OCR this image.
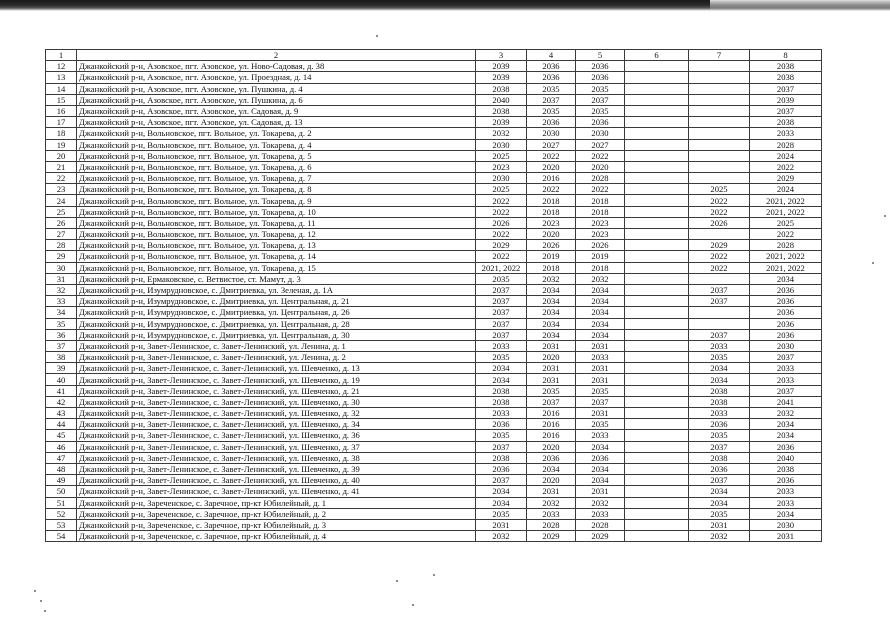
1	2	3	4	5	6	7	8
12	Джанкойский р-н, Азовское, пгт. Азовское, ул. Ново-Садовая, д. 38	2039	2036	2036			2038
13	Джанкойский р-н, Азовское, пгт. Азовское, ул. Проездная, д. 14	2039	2036	2036			2038
14	Джанкойский р-н, Азовское, пгт. Азовское, ул. Пушкина, д. 4	2038	2035	2035			2037
15	Джанкойский р-н, Азовское, пгт. Азовское, ул. Пушкина, д. 6	2040	2037	2037			2039
16	Джанкойский р-н, Азовское, пгт. Азовское, ул. Садовая, д. 9	2038	2035	2035			2037
17	Джанкойский р-н, Азовское, пгт. Азовское, ул. Садовая, д. 13	2039	2036	2036			2038
18	Джанкойский р-н, Вольновское, пгт. Вольное, ул. Токарева, д. 2	2032	2030	2030			2033
19	Джанкойский р-н, Вольновское, пгт. Вольное, ул. Токарева, д. 4	2030	2027	2027			2028
20	Джанкойский р-н, Вольновское, пгт. Вольное, ул. Токарева, д. 5	2025	2022	2022			2024
21	Джанкойский р-н, Вольновское, пгт. Вольное, ул. Токарева, д. 6	2023	2020	2020			2022
22	Джанкойский р-н, Вольновское, пгт. Вольное, ул. Токарева, д. 7	2030	2016	2028			2029
23	Джанкойский р-н, Вольновское, пгт. Вольное, ул. Токарева, д. 8	2025	2022	2022		2025	2024
24	Джанкойский р-н, Вольновское, пгт. Вольное, ул. Токарева, д. 9	2022	2018	2018		2022	2021, 2022
25	Джанкойский р-н, Вольновское, пгт. Вольное, ул. Токарева, д. 10	2022	2018	2018		2022	2021, 2022
26	Джанкойский р-н, Вольновское, пгт. Вольное, ул. Токарева, д. 11	2026	2023	2023		2026	2025
27	Джанкойский р-н, Вольновское, пгт. Вольное, ул. Токарева, д. 12	2022	2020	2023			2022
28	Джанкойский р-н, Вольновское, пгт. Вольное, ул. Токарева, д. 13	2029	2026	2026		2029	2028
29	Джанкойский р-н, Вольновское, пгт. Вольное, ул. Токарева, д. 14	2022	2019	2019		2022	2021, 2022
30	Джанкойский р-н, Вольновское, пгт. Вольное, ул. Токарева, д. 15	2021, 2022	2018	2018		2022	2021, 2022
31	Джанкойский р-н, Ермаковское, с. Ветвистое, ст. Мамут, д. 3	2035	2032	2032			2034
32	Джанкойский р-н, Изумрудновское, с. Дмитриевка, ул. Зеленая, д. 1А	2037	2034	2034		2037	2036
33	Джанкойский р-н, Изумрудновское, с. Дмитриевка, ул. Центральная, д. 21	2037	2034	2034		2037	2036
34	Джанкойский р-н, Изумрудновское, с. Дмитриевка, ул. Центральная, д. 26	2037	2034	2034			2036
35	Джанкойский р-н, Изумрудновское, с. Дмитриевка, ул. Центральная, д. 28	2037	2034	2034			2036
36	Джанкойский р-н, Изумрудновское, с. Дмитриевка, ул. Центральная, д. 30	2037	2034	2034		2037	2036
37	Джанкойский р-н, Завет-Ленинское, с. Завет-Ленинский, ул. Ленина, д. 1	2033	2031	2031		2033	2030
38	Джанкойский р-н, Завет-Ленинское, с. Завет-Ленинский, ул. Ленина, д. 2	2035	2020	2033		2035	2037
39	Джанкойский р-н, Завет-Ленинское, с. Завет-Ленинский, ул. Шевченко, д. 13	2034	2031	2031		2034	2033
40	Джанкойский р-н, Завет-Ленинское, с. Завет-Ленинский, ул. Шевченко, д. 19	2034	2031	2031		2034	2033
41	Джанкойский р-н, Завет-Ленинское, с. Завет-Ленинский, ул. Шевченко, д. 21	2038	2035	2035		2038	2037
42	Джанкойский р-н, Завет-Ленинское, с. Завет-Ленинский, ул. Шевченко, д. 30	2038	2037	2037		2038	2041
43	Джанкойский р-н, Завет-Ленинское, с. Завет-Ленинский, ул. Шевченко, д. 32	2033	2016	2031		2033	2032
44	Джанкойский р-н, Завет-Ленинское, с. Завет-Ленинский, ул. Шевченко, д. 34	2036	2016	2035		2036	2034
45	Джанкойский р-н, Завет-Ленинское, с. Завет-Ленинский, ул. Шевченко, д. 36	2035	2016	2033		2035	2034
46	Джанкойский р-н, Завет-Ленинское, с. Завет-Ленинский, ул. Шевченко, д. 37	2037	2020	2034		2037	2036
47	Джанкойский р-н, Завет-Ленинское, с. Завет-Ленинский, ул. Шевченко, д. 38	2038	2036	2036		2038	2040
48	Джанкойский р-н, Завет-Ленинское, с. Завет-Ленинский, ул. Шевченко, д. 39	2036	2034	2034		2036	2038
49	Джанкойский р-н, Завет-Ленинское, с. Завет-Ленинский, ул. Шевченко, д. 40	2037	2020	2034		2037	2036
50	Джанкойский р-н, Завет-Ленинское, с. Завет-Ленинский, ул. Шевченко, д. 41	2034	2031	2031		2034	2033
51	Джанкойский р-н, Зареченское, с. Заречное, пр-кт Юбилейный, д. 1	2034	2032	2032		2034	2033
52	Джанкойский р-н, Зареченское, с. Заречное, пр-кт Юбилейный, д. 2	2035	2033	2033		2035	2034
53	Джанкойский р-н, Зареченское, с. Заречное, пр-кт Юбилейный, д. 3	2031	2028	2028		2031	2030
54	Джанкойский р-н, Зареченское, с. Заречное, пр-кт Юбилейный, д. 4	2032	2029	2029		2032	2031
